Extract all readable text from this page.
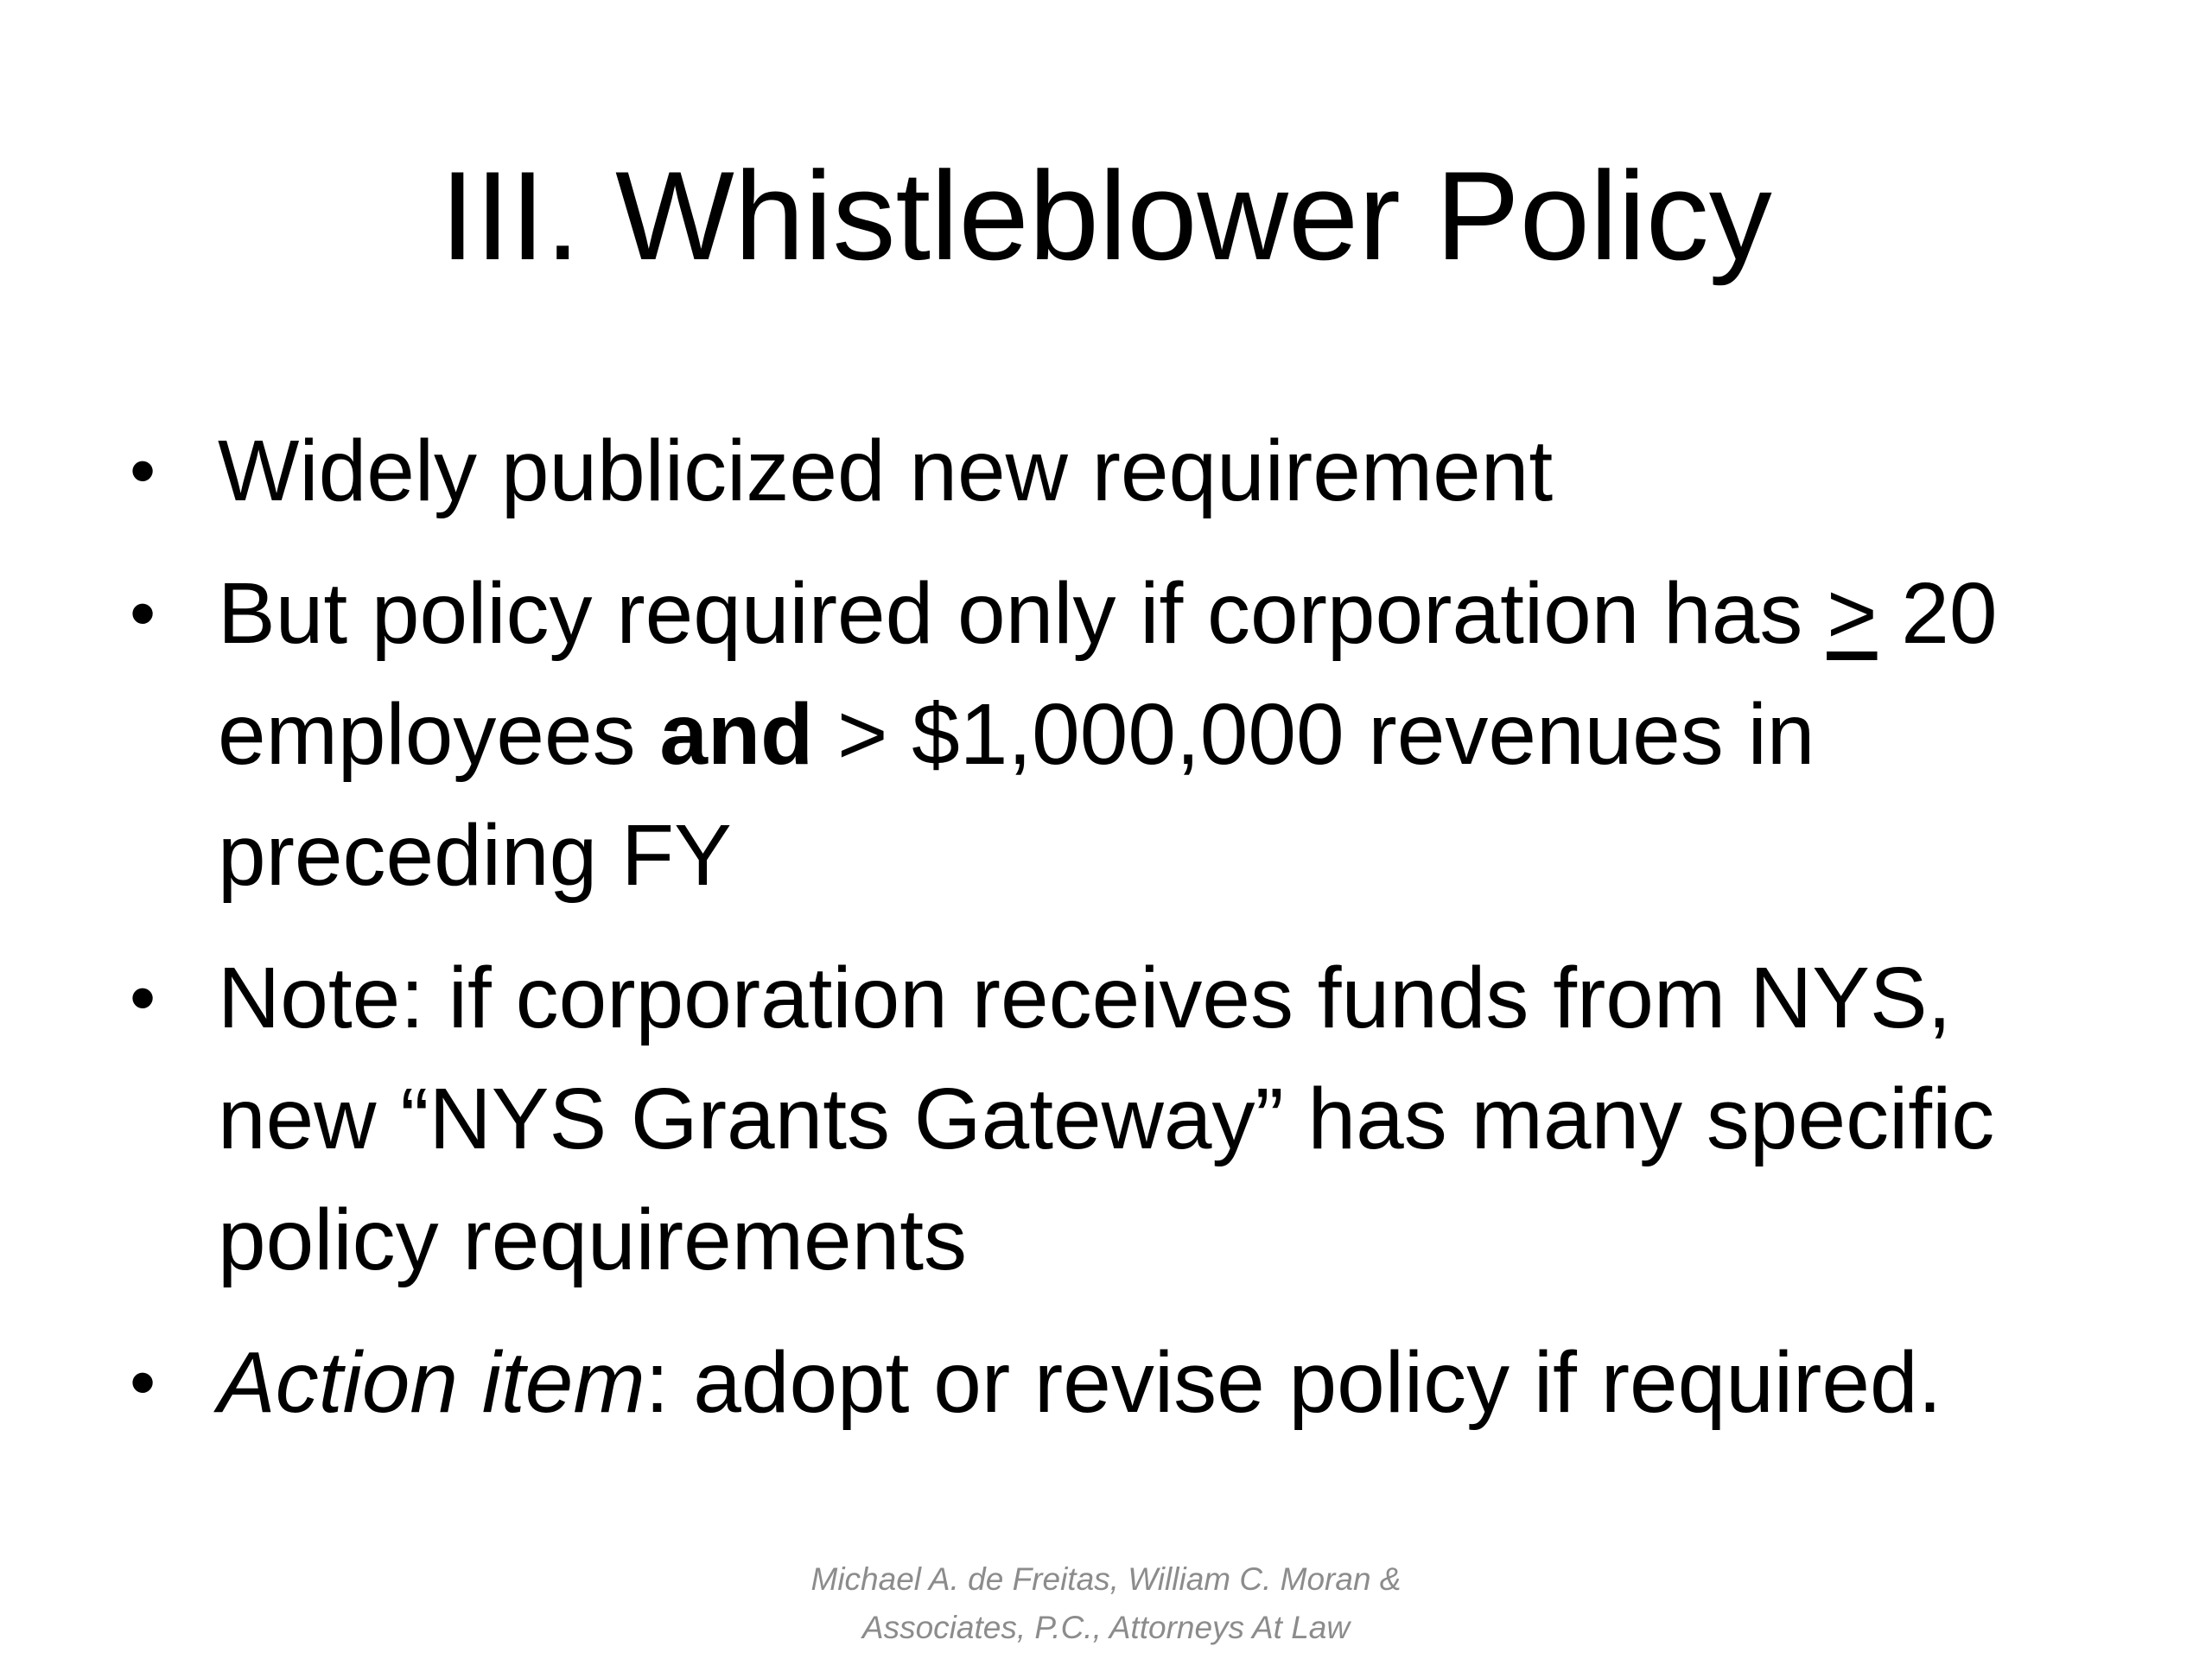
III. Whistleblower Policy
• Widely publicized new requirement
• But policy required only if corporation has ≥ 20 employees and > $1,000,000 revenues in preceding FY
• Note: if corporation receives funds from NYS, new “NYS Grants Gateway” has many specific policy requirements
• Action item: adopt or revise policy if required.
Michael A. de Freitas, William C. Moran &
Associates, P.C., Attorneys At Law
